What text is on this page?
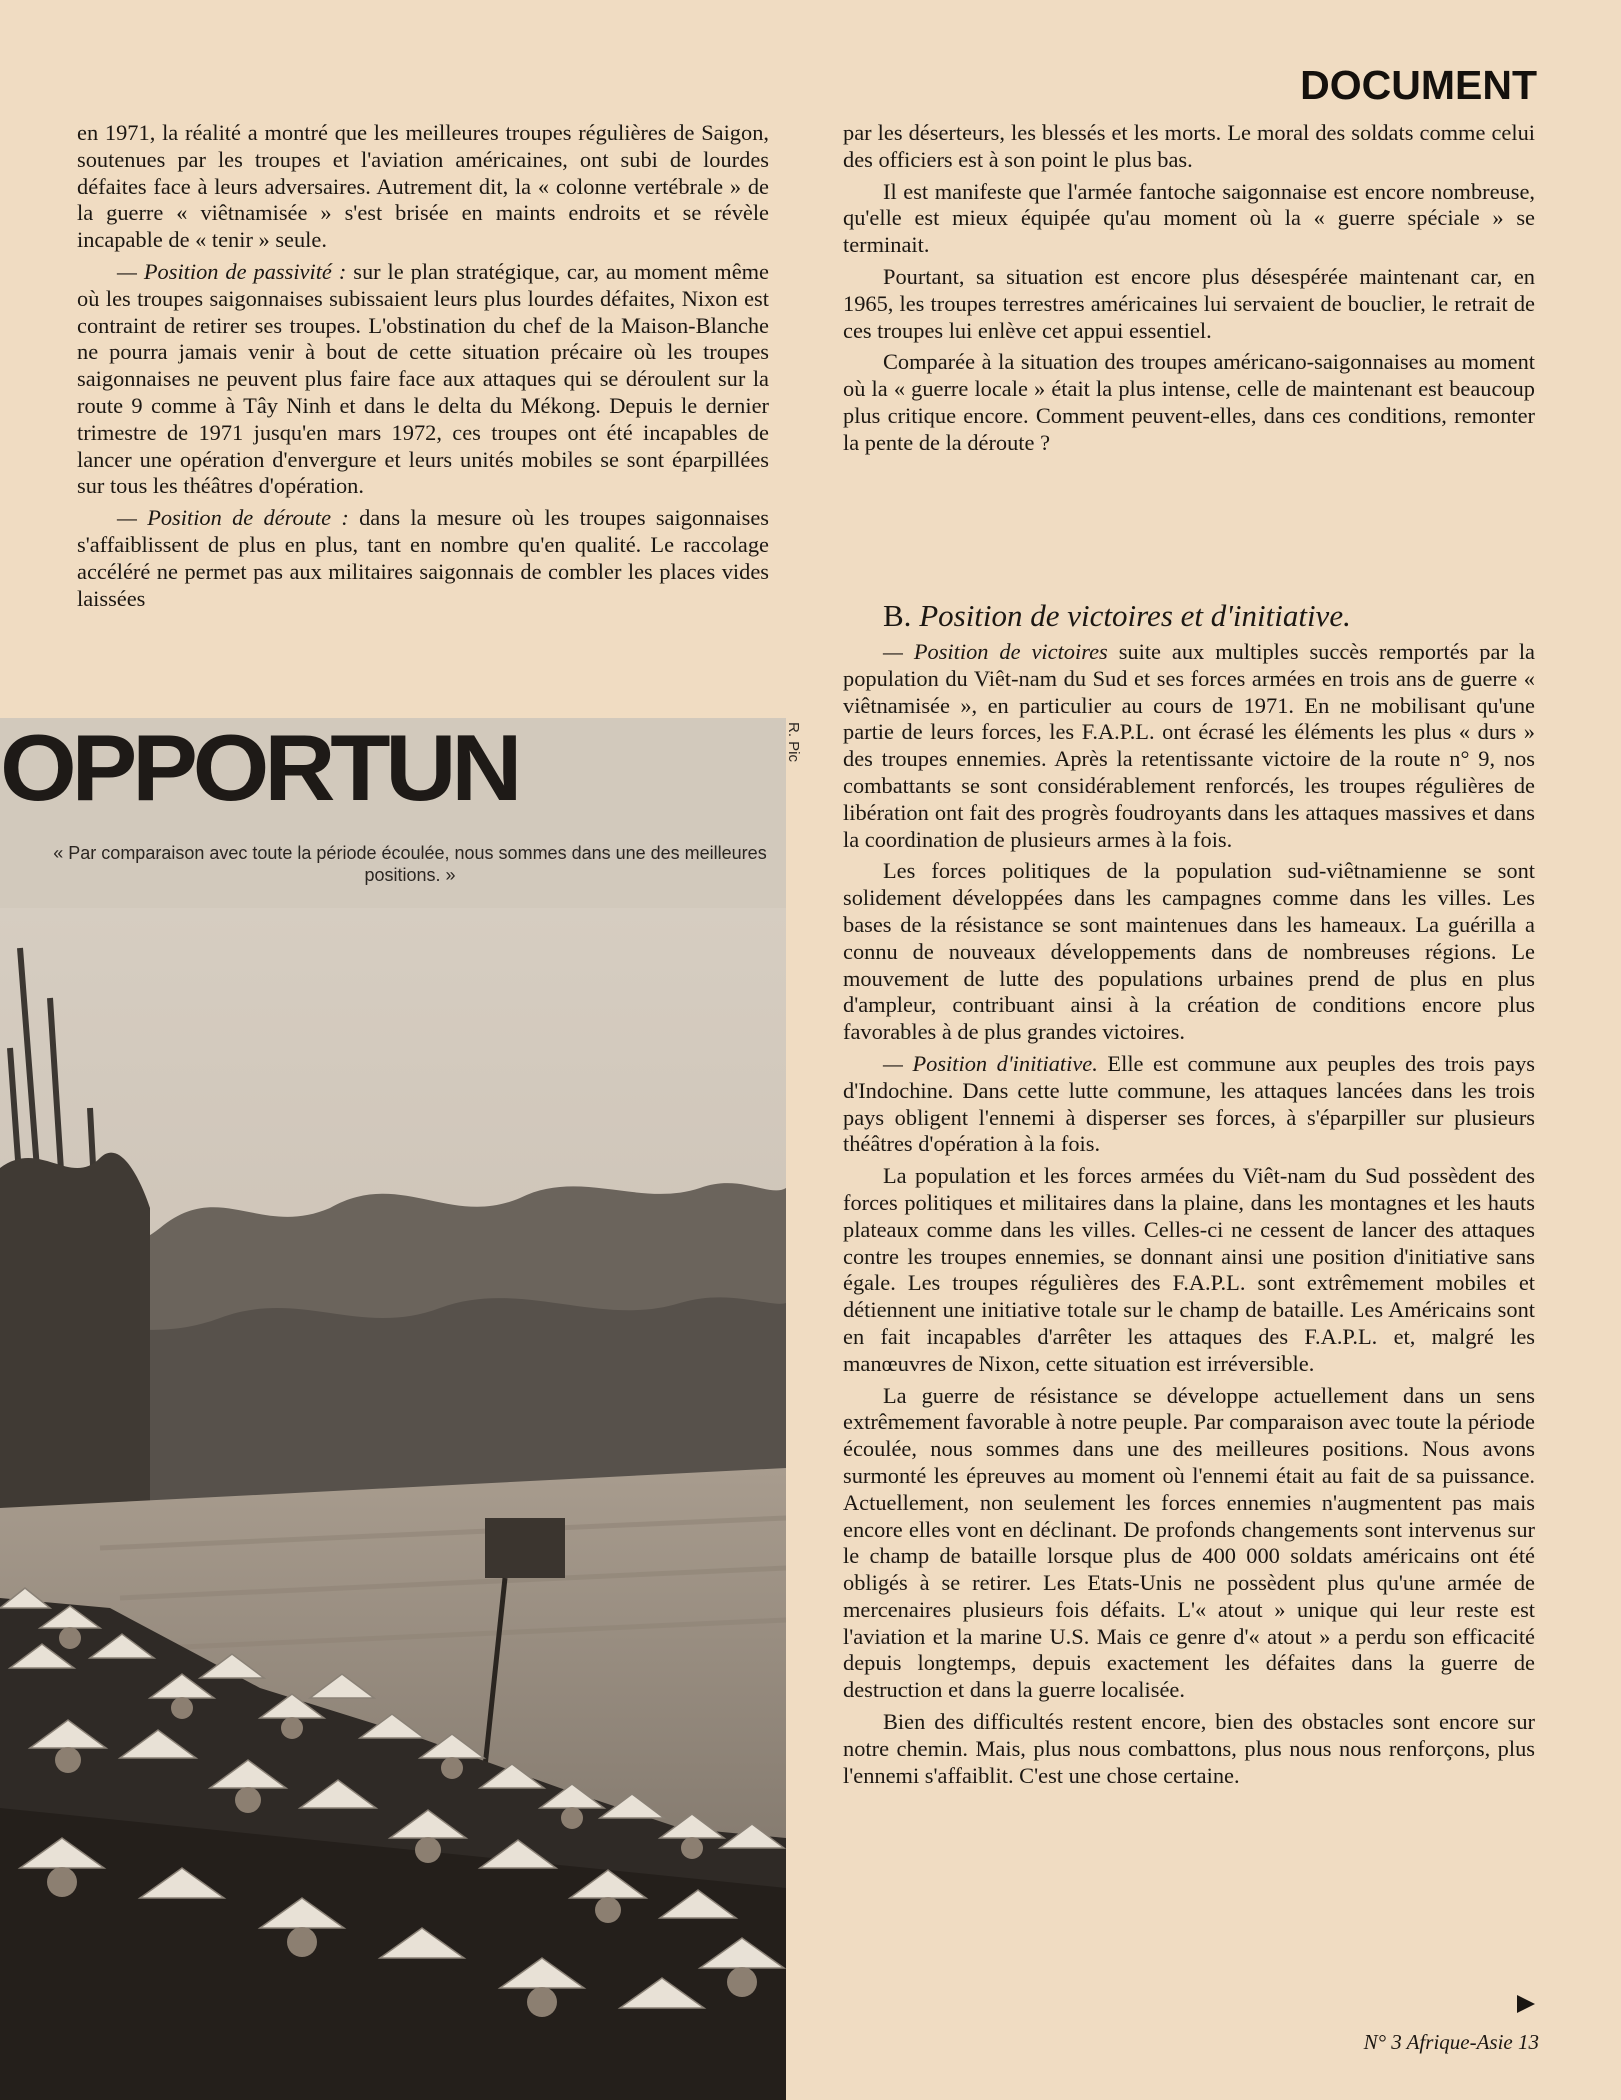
DOCUMENT

en 1971, la réalité a montré que les meilleures troupes régulières de Saigon, soutenues par les troupes et l'aviation américaines, ont subi de lourdes défaites face à leurs adversaires. Autrement dit, la « colonne vertébrale » de la guerre « viêtnamisée » s'est brisée en maints endroits et se révèle incapable de « tenir » seule.

— Position de passivité : sur le plan stratégique, car, au moment même où les troupes saigonnaises subissaient leurs plus lourdes défaites, Nixon est contraint de retirer ses troupes. L'obstination du chef de la Maison-Blanche ne pourra jamais venir à bout de cette situation précaire où les troupes saigonnaises ne peuvent plus faire face aux attaques qui se déroulent sur la route 9 comme à Tây Ninh et dans le delta du Mékong. Depuis le dernier trimestre de 1971 jusqu'en mars 1972, ces troupes ont été incapables de lancer une opération d'envergure et leurs unités mobiles se sont éparpillées sur tous les théâtres d'opération.

— Position de déroute : dans la mesure où les troupes saigonnaises s'affaiblissent de plus en plus, tant en nombre qu'en qualité. Le raccolage accéléré ne permet pas aux militaires saigonnais de combler les places vides laissées

par les déserteurs, les blessés et les morts. Le moral des soldats comme celui des officiers est à son point le plus bas.

Il est manifeste que l'armée fantoche saigonnaise est encore nombreuse, qu'elle est mieux équipée qu'au moment où la « guerre spéciale » se terminait.

Pourtant, sa situation est encore plus désespérée maintenant car, en 1965, les troupes terrestres américaines lui servaient de bouclier, le retrait de ces troupes lui enlève cet appui essentiel.

Comparée à la situation des troupes américano-saigonnaises au moment où la « guerre locale » était la plus intense, celle de maintenant est beaucoup plus critique encore. Comment peuvent-elles, dans ces conditions, remonter la pente de la déroute ?

B. Position de victoires et d'initiative.

— Position de victoires suite aux multiples succès remportés par la population du Viêt-nam du Sud et ses forces armées en trois ans de guerre « viêtnamisée », en particulier au cours de 1971. En ne mobilisant qu'une partie de leurs forces, les F.A.P.L. ont écrasé les éléments les plus « durs » des troupes ennemies. Après la retentissante victoire de la route n° 9, nos combattants se sont considérablement renforcés, les troupes régulières de libération ont fait des progrès foudroyants dans les attaques massives et dans la coordination de plusieurs armes à la fois.

Les forces politiques de la population sud-viêtnamienne se sont solidement développées dans les campagnes comme dans les villes. Les bases de la résistance se sont maintenues dans les hameaux. La guérilla a connu de nouveaux développements dans de nombreuses régions. Le mouvement de lutte des populations urbaines prend de plus en plus d'ampleur, contribuant ainsi à la création de conditions encore plus favorables à de plus grandes victoires.

— Position d'initiative. Elle est commune aux peuples des trois pays d'Indochine. Dans cette lutte commune, les attaques lancées dans les trois pays obligent l'ennemi à disperser ses forces, à s'éparpiller sur plusieurs théâtres d'opération à la fois.

La population et les forces armées du Viêt-nam du Sud possèdent des forces politiques et militaires dans la plaine, dans les montagnes et les hauts plateaux comme dans les villes. Celles-ci ne cessent de lancer des attaques contre les troupes ennemies, se donnant ainsi une position d'initiative sans égale. Les troupes régulières des F.A.P.L. sont extrêmement mobiles et détiennent une initiative totale sur le champ de bataille. Les Américains sont en fait incapables d'arrêter les attaques des F.A.P.L. et, malgré les manœuvres de Nixon, cette situation est irréversible.

La guerre de résistance se développe actuellement dans un sens extrêmement favorable à notre peuple. Par comparaison avec toute la période écoulée, nous sommes dans une des meilleures positions. Nous avons surmonté les épreuves au moment où l'ennemi était au fait de sa puissance. Actuellement, non seulement les forces ennemies n'augmentent pas mais encore elles vont en déclinant. De profonds changements sont intervenus sur le champ de bataille lorsque plus de 400 000 soldats américains ont été obligés à se retirer. Les Etats-Unis ne possèdent plus qu'une armée de mercenaires plusieurs fois défaits. L'« atout » unique qui leur reste est l'aviation et la marine U.S. Mais ce genre d'« atout » a perdu son efficacité depuis longtemps, depuis exactement les défaites dans la guerre de destruction et dans la guerre localisée.

Bien des difficultés restent encore, bien des obstacles sont encore sur notre chemin. Mais, plus nous combattons, plus nous nous renforçons, plus l'ennemi s'affaiblit. C'est une chose certaine.

OPPORTUN
« Par comparaison avec toute la période écoulée, nous sommes dans une des meilleures positions. »
R. Pic
N° 3 Afrique-Asie 13
